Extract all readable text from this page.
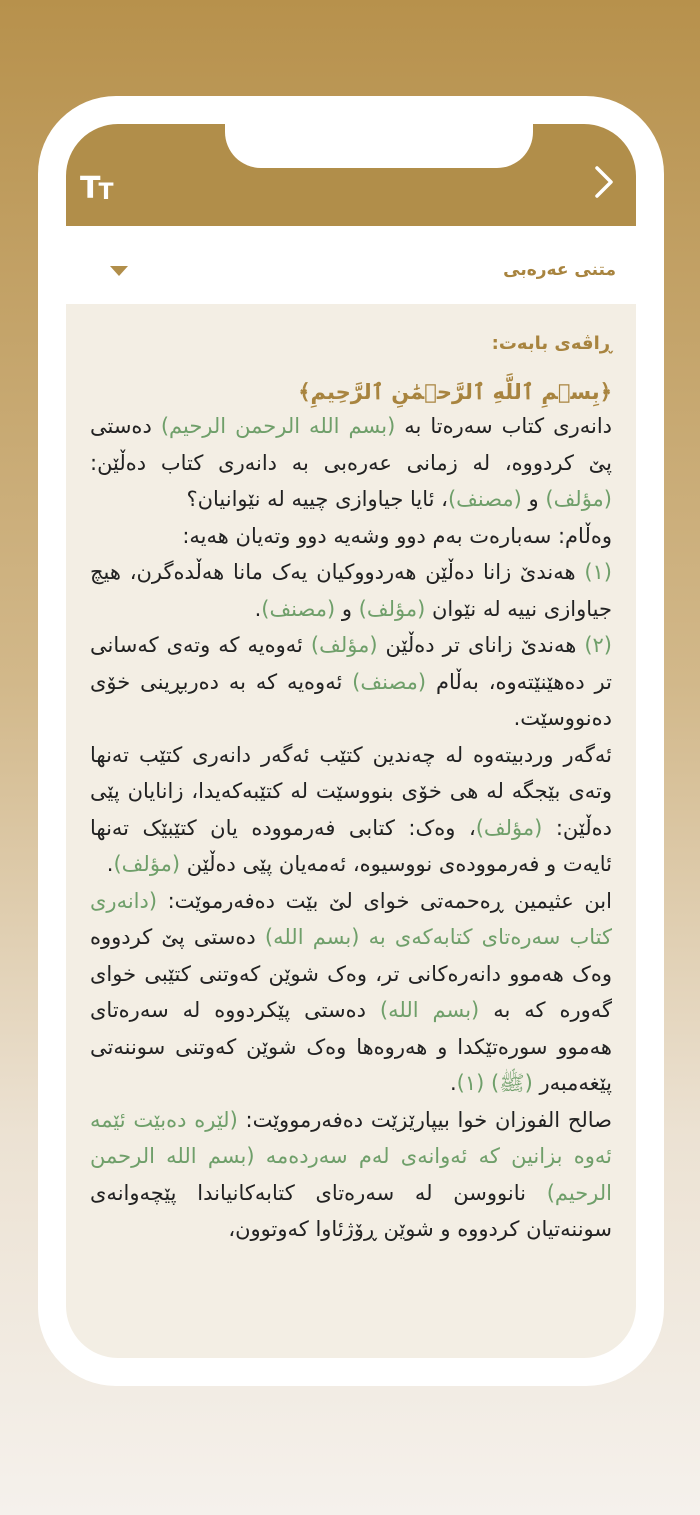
T
T
متنی عەرەبی
ڕاڤەی بابەت:
﴿بِسۡمِ ٱللَّهِ ٱلرَّحۡمَٰنِ ٱلرَّحِيمِ﴾

دانەری کتاب سەرەتا بە (بسم الله الرحمن الرحيم) دەستی پێ کردووە، لە زمانی عەرەبی بە دانەری کتاب دەڵێن: (مؤلف) و (مصنف)، ئایا جیاوازی چییە لە نێوانیان؟

وەڵام: سەبارەت بەم دوو وشەیە دوو وتەیان هەیە:

(١) هەندێ زانا دەڵێن هەردووکیان یەک مانا هەڵدەگرن، هیچ جیاوازی نییە لە نێوان (مؤلف) و (مصنف).

(٢) هەندێ زانای تر دەڵێن (مؤلف) ئەوەیە کە وتەی کەسانی تر دەهێنێتەوە، بەڵام (مصنف) ئەوەیە کە بە دەربڕینی خۆی دەنووسێت.

ئەگەر وردبیتەوە لە چەندین کتێب ئەگەر دانەری کتێب تەنها وتەی بێجگە لە هی خۆی بنووسێت لە کتێبەکەیدا، زانایان پێی دەڵێن: (مؤلف)، وەک: کتابی فەرموودە یان کتێبێک تەنها ئایەت و فەرموودەی نووسیوە، ئەمەیان پێی دەڵێن (مؤلف).

ابن عثيمين ڕەحمەتی خوای لێ بێت دەفەرموێت: (دانەری کتاب سەرەتای کتابەکەی بە (بسم الله) دەستی پێ کردووە وەک هەموو دانەرەکانی تر، وەک شوێن کەوتنی کتێبی خوای گەورە کە بە (بسم الله) دەستی پێکردووە لە سەرەتای هەموو سورەتێکدا و هەروەها وەک شوێن کەوتنی سوننەتی پێغەمبەر (ﷺ) (١).

صالح الفوزان خوا بیپارێزێت دەفەرمووێت: (لێرە دەبێت ئێمە ئەوە بزانین کە ئەوانەی لەم سەردەمە (بسم الله الرحمن الرحيم) نانووسن لە سەرەتای کتابەکانیاندا پێچەوانەی سوننەتیان کردووە و شوێن ڕۆژئاوا کەوتوون،
